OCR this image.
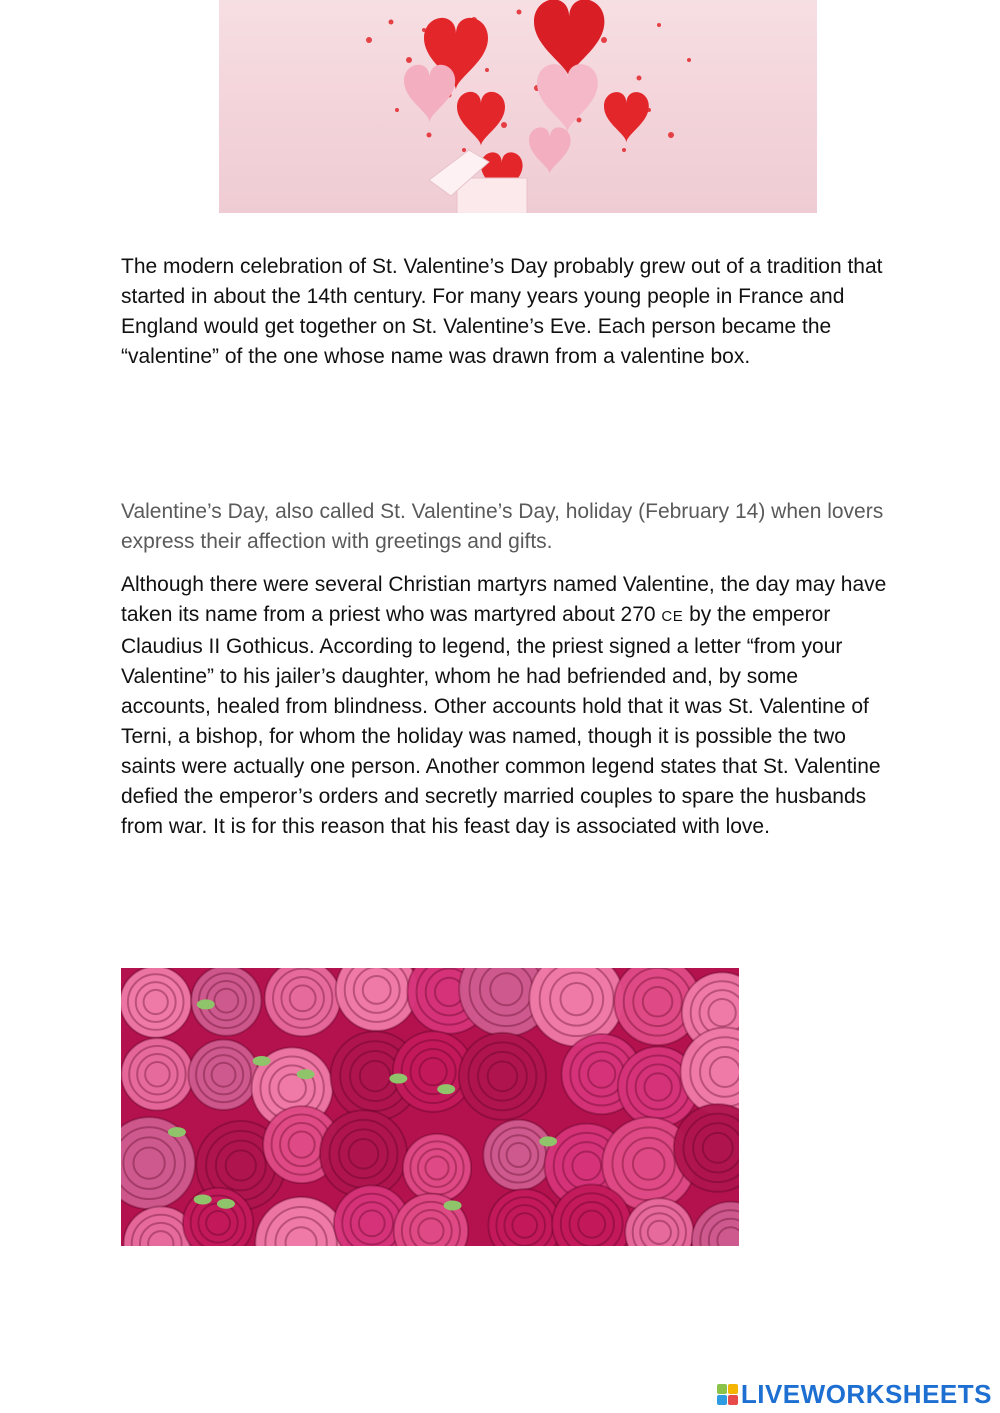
The modern celebration of St. Valentine’s Day probably grew out of a tradition that started in about the 14th century. For many years young people in France and England would get together on St. Valentine’s Eve. Each person became the “valentine” of the one whose name was drawn from a valentine box.

Valentine’s Day, also called St. Valentine’s Day, holiday (February 14) when lovers express their affection with greetings and gifts.

Although there were several Christian martyrs named Valentine, the day may have taken its name from a priest who was martyred about 270 CE by the emperor Claudius II Gothicus. According to legend, the priest signed a letter “from your Valentine” to his jailer’s daughter, whom he had befriended and, by some accounts, healed from blindness. Other accounts hold that it was St. Valentine of Terni, a bishop, for whom the holiday was named, though it is possible the two saints were actually one person. Another common legend states that St. Valentine defied the emperor’s orders and secretly married couples to spare the husbands from war. It is for this reason that his feast day is associated with love.

LIVEWORKSHEETS
